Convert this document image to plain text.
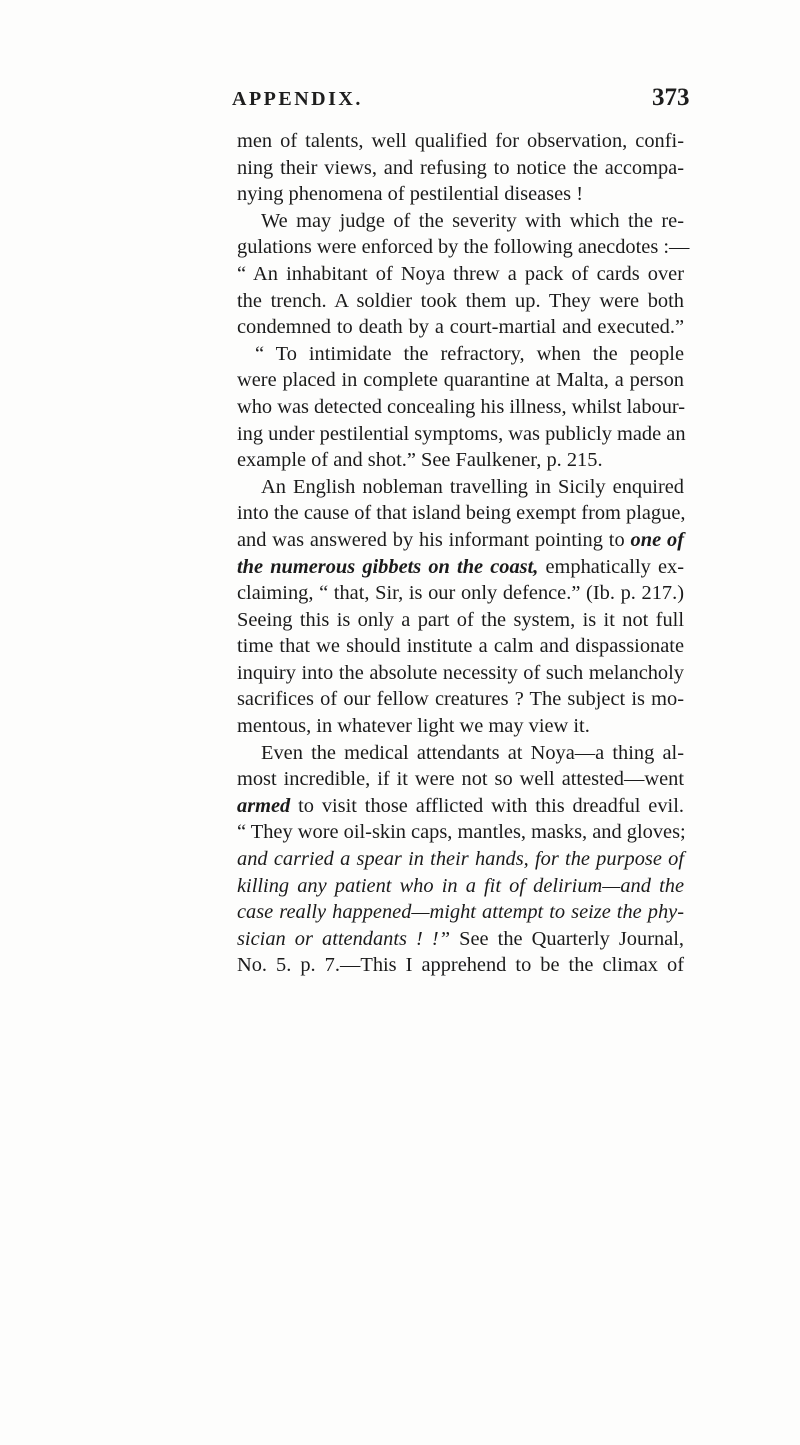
APPENDIX.	373
men of talents, well qualified for observation, confi-
ning their views, and refusing to notice the accompa-
nying phenomena of pestilential diseases !
We may judge of the severity with which the re-
gulations were enforced by the following anecdotes :—
“ An inhabitant of Noya threw a pack of cards over
the trench. A soldier took them up. They were both
condemned to death by a court-martial and executed.”
“ To intimidate the refractory, when the people
were placed in complete quarantine at Malta, a person
who was detected concealing his illness, whilst labour-
ing under pestilential symptoms, was publicly made an
example of and shot.” See Faulkener, p. 215.
An English nobleman travelling in Sicily enquired
into the cause of that island being exempt from plague,
and was answered by his informant pointing to one of
the numerous gibbets on the coast, emphatically ex-
claiming, “ that, Sir, is our only defence.” (Ib. p. 217.)
Seeing this is only a part of the system, is it not full
time that we should institute a calm and dispassionate
inquiry into the absolute necessity of such melancholy
sacrifices of our fellow creatures ? The subject is mo-
mentous, in whatever light we may view it.
Even the medical attendants at Noya—a thing al-
most incredible, if it were not so well attested—went
armed to visit those afflicted with this dreadful evil.
“ They wore oil-skin caps, mantles, masks, and gloves;
and carried a spear in their hands, for the purpose of
killing any patient who in a fit of delirium—and the
case really happened—might attempt to seize the phy-
sician or attendants ! !” See the Quarterly Journal,
No. 5. p. 7.—This I apprehend to be the climax of
